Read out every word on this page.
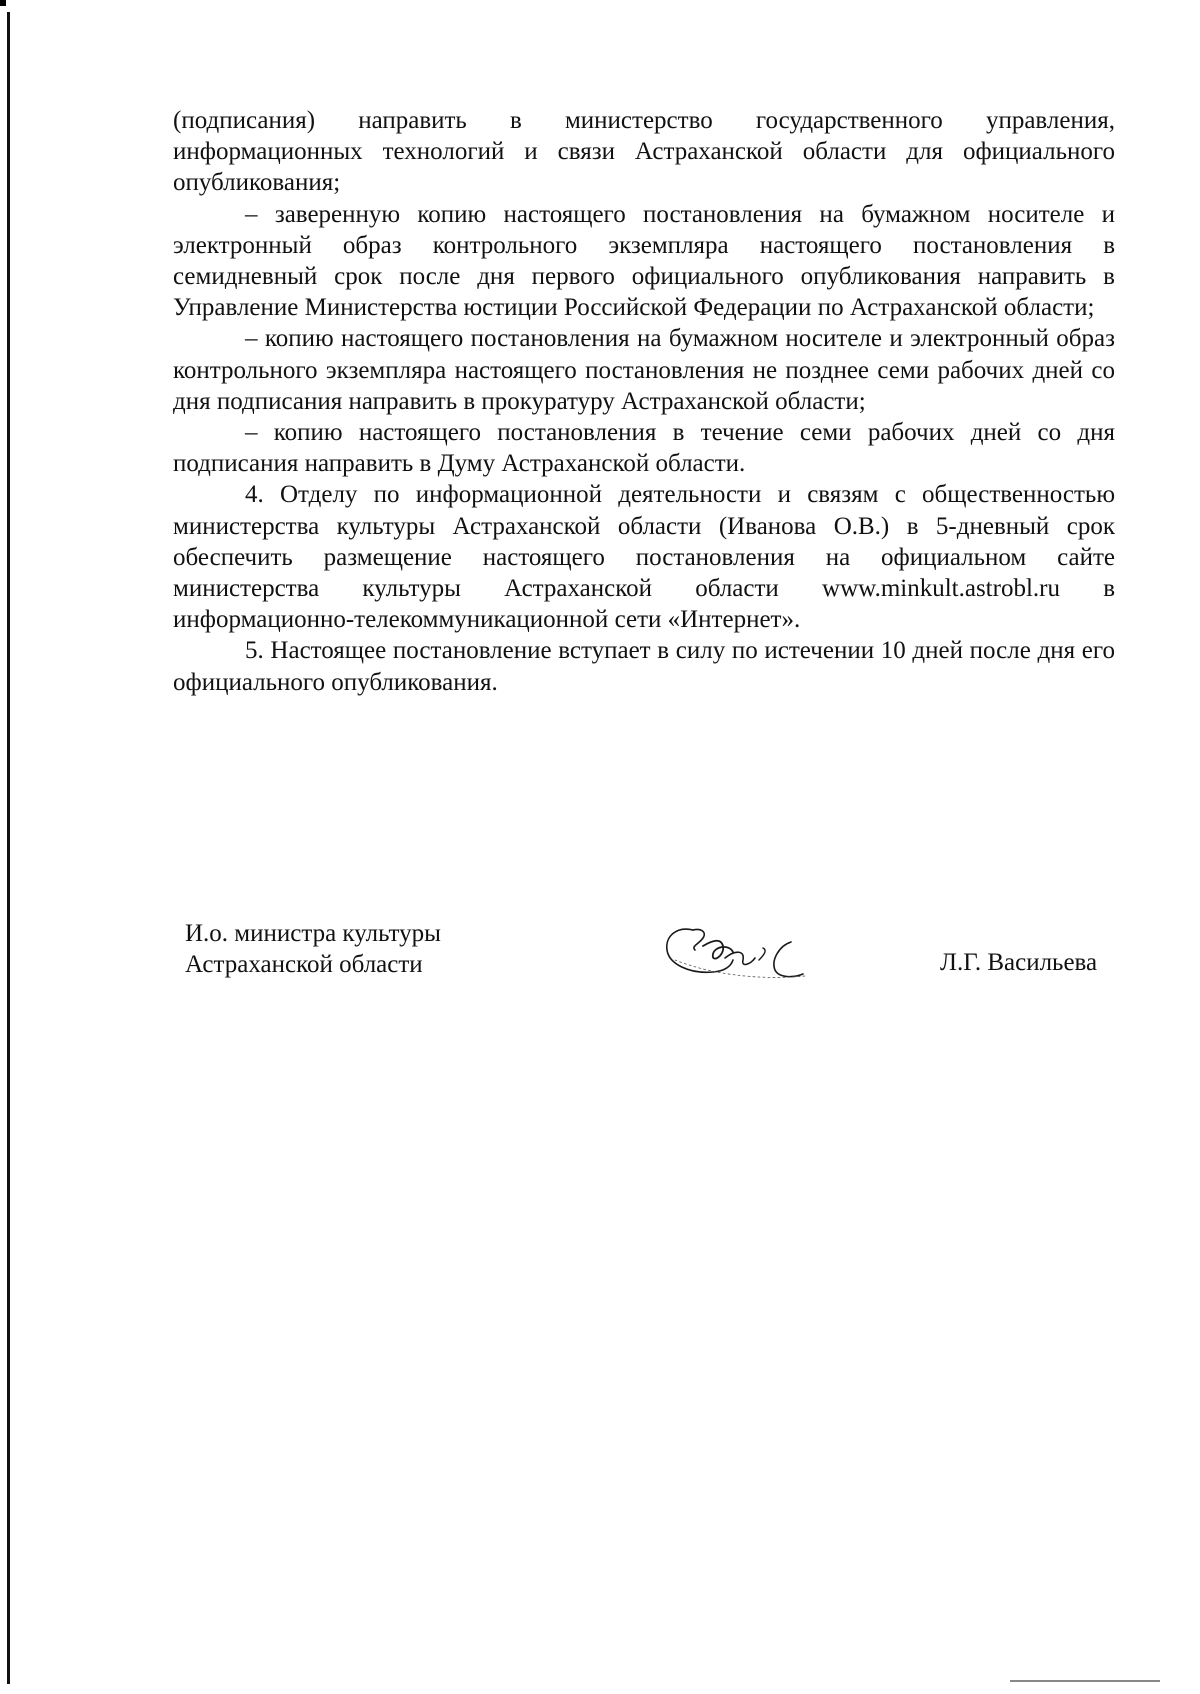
(подписания) направить в министерство государственного управления, информационных технологий и связи Астраханской области для официального опубликования;

– заверенную копию настоящего постановления на бумажном носителе и электронный образ контрольного экземпляра настоящего постановления в семидневный срок после дня первого официального опубликования направить в Управление Министерства юстиции Российской Федерации по Астраханской области;

– копию настоящего постановления на бумажном носителе и электронный образ контрольного экземпляра настоящего постановления не позднее семи рабочих дней со дня подписания направить в прокуратуру Астраханской области;

– копию настоящего постановления в течение семи рабочих дней со дня подписания направить в Думу Астраханской области.

4. Отделу по информационной деятельности и связям с общественностью министерства культуры Астраханской области (Иванова О.В.) в 5-дневный срок обеспечить размещение настоящего постановления на официальном сайте министерства культуры Астраханской области www.minkult.astrobl.ru в информационно-телекоммуникационной сети «Интернет».

5. Настоящее постановление вступает в силу по истечении 10 дней после дня его официального опубликования.

И.о. министра культуры
Астраханской области	Л.Г. Васильева
